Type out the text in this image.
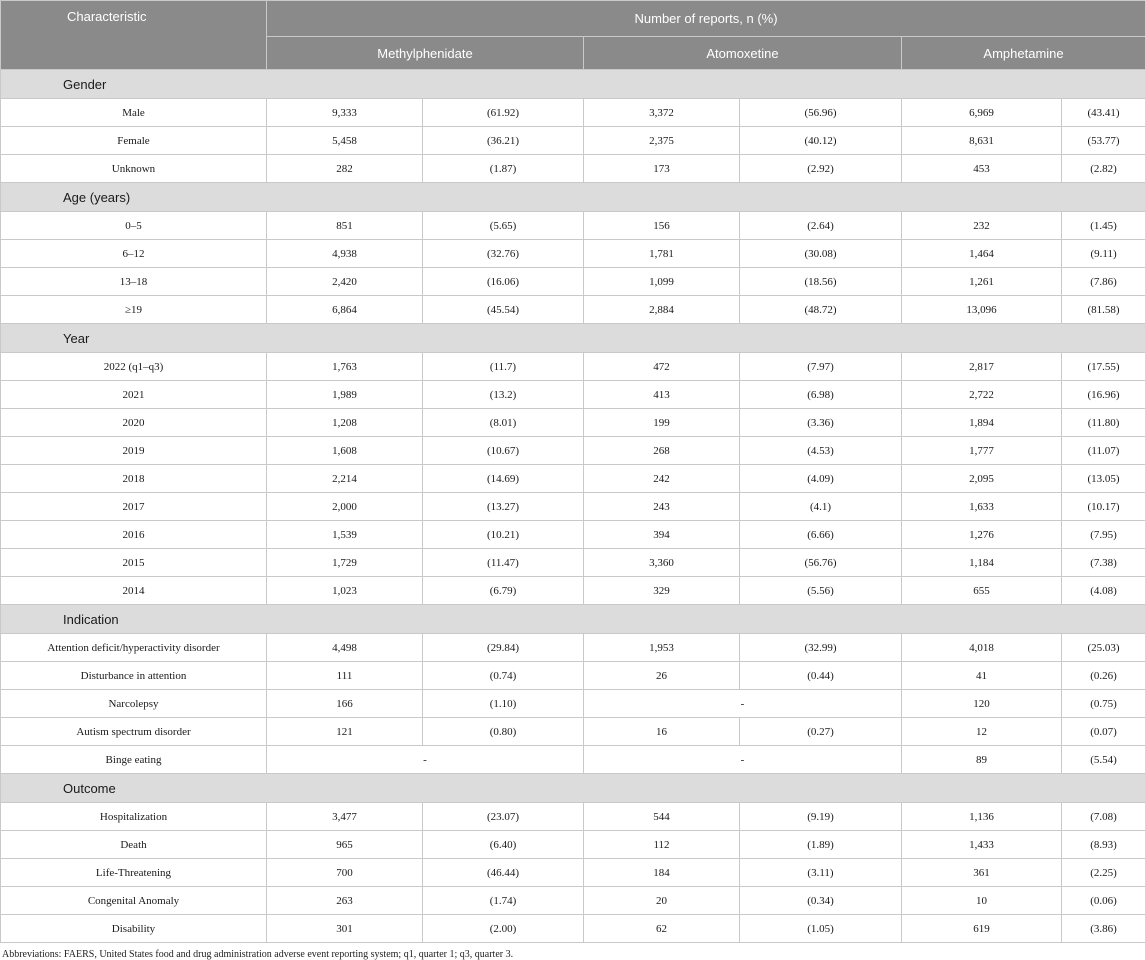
Characteristic	Number of reports, n (%)					
	Methylphenidate		Atomoxetine		Amphetamine	
Gender						
Male	9,333	(61.92)	3,372	(56.96)	6,969	(43.41)
Female	5,458	(36.21)	2,375	(40.12)	8,631	(53.77)
Unknown	282	(1.87)	173	(2.92)	453	(2.82)
Age (years)						
0–5	851	(5.65)	156	(2.64)	232	(1.45)
6–12	4,938	(32.76)	1,781	(30.08)	1,464	(9.11)
13–18	2,420	(16.06)	1,099	(18.56)	1,261	(7.86)
≥19	6,864	(45.54)	2,884	(48.72)	13,096	(81.58)
Year						
2022 (q1–q3)	1,763	(11.7)	472	(7.97)	2,817	(17.55)
2021	1,989	(13.2)	413	(6.98)	2,722	(16.96)
2020	1,208	(8.01)	199	(3.36)	1,894	(11.80)
2019	1,608	(10.67)	268	(4.53)	1,777	(11.07)
2018	2,214	(14.69)	242	(4.09)	2,095	(13.05)
2017	2,000	(13.27)	243	(4.1)	1,633	(10.17)
2016	1,539	(10.21)	394	(6.66)	1,276	(7.95)
2015	1,729	(11.47)	3,360	(56.76)	1,184	(7.38)
2014	1,023	(6.79)	329	(5.56)	655	(4.08)
Indication						
Attention deficit/hyperactivity disorder	4,498	(29.84)	1,953	(32.99)	4,018	(25.03)
Disturbance in attention	111	(0.74)	26	(0.44)	41	(0.26)
Narcolepsy	166	(1.10)	-		120	(0.75)
Autism spectrum disorder	121	(0.80)	16	(0.27)	12	(0.07)
Binge eating	-		-		89	(5.54)
Outcome						
Hospitalization	3,477	(23.07)	544	(9.19)	1,136	(7.08)
Death	965	(6.40)	112	(1.89)	1,433	(8.93)
Life-Threatening	700	(46.44)	184	(3.11)	361	(2.25)
Congenital Anomaly	263	(1.74)	20	(0.34)	10	(0.06)
Disability	301	(2.00)	62	(1.05)	619	(3.86)
Abbreviations: FAERS, United States food and drug administration adverse event reporting system; q1, quarter 1; q3, quarter 3.
